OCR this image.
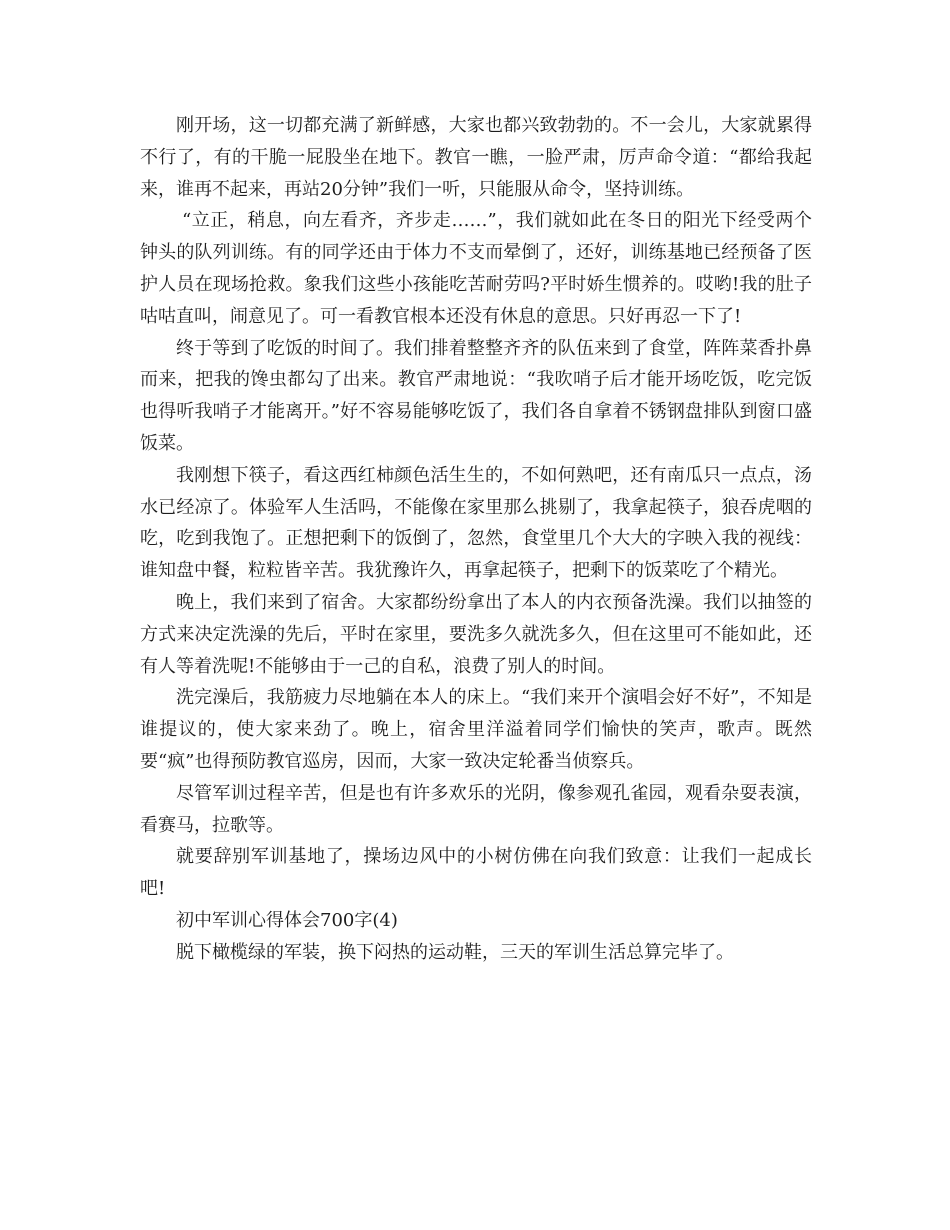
刚开场，这一切都充满了新鲜感，大家也都兴致勃勃的。不一会儿，大家就累得不行了，有的干脆一屁股坐在地下。教官一瞧，一脸严肃，厉声命令道：“都给我起来，谁再不起来，再站20分钟”我们一听，只能服从命令，坚持训练。

“立正，稍息，向左看齐，齐步走……”，我们就如此在冬日的阳光下经受两个钟头的队列训练。有的同学还由于体力不支而晕倒了，还好，训练基地已经预备了医护人员在现场抢救。象我们这些小孩能吃苦耐劳吗?平时娇生惯养的。哎哟!我的肚子咕咕直叫，闹意见了。可一看教官根本还没有休息的意思。只好再忍一下了!

终于等到了吃饭的时间了。我们排着整整齐齐的队伍来到了食堂，阵阵菜香扑鼻而来，把我的馋虫都勾了出来。教官严肃地说：“我吹哨子后才能开场吃饭，吃完饭也得听我哨子才能离开。”好不容易能够吃饭了，我们各自拿着不锈钢盘排队到窗口盛饭菜。

我刚想下筷子，看这西红柿颜色活生生的，不如何熟吧，还有南瓜只一点点，汤水已经凉了。体验军人生活吗，不能像在家里那么挑剔了，我拿起筷子，狼吞虎咽的吃，吃到我饱了。正想把剩下的饭倒了，忽然，食堂里几个大大的字映入我的视线：谁知盘中餐，粒粒皆辛苦。我犹豫许久，再拿起筷子，把剩下的饭菜吃了个精光。

晚上，我们来到了宿舍。大家都纷纷拿出了本人的内衣预备洗澡。我们以抽签的方式来决定洗澡的先后，平时在家里，要洗多久就洗多久，但在这里可不能如此，还有人等着洗呢!不能够由于一己的自私，浪费了别人的时间。

洗完澡后，我筋疲力尽地躺在本人的床上。“我们来开个演唱会好不好”，不知是谁提议的，使大家来劲了。晚上，宿舍里洋溢着同学们愉快的笑声，歌声。既然要“疯”也得预防教官巡房，因而，大家一致决定轮番当侦察兵。

尽管军训过程辛苦，但是也有许多欢乐的光阴，像参观孔雀园，观看杂耍表演，看赛马，拉歌等。

就要辞别军训基地了，操场边风中的小树仿佛在向我们致意：让我们一起成长吧!

初中军训心得体会700字(4)

脱下橄榄绿的军装，换下闷热的运动鞋，三天的军训生活总算完毕了。
